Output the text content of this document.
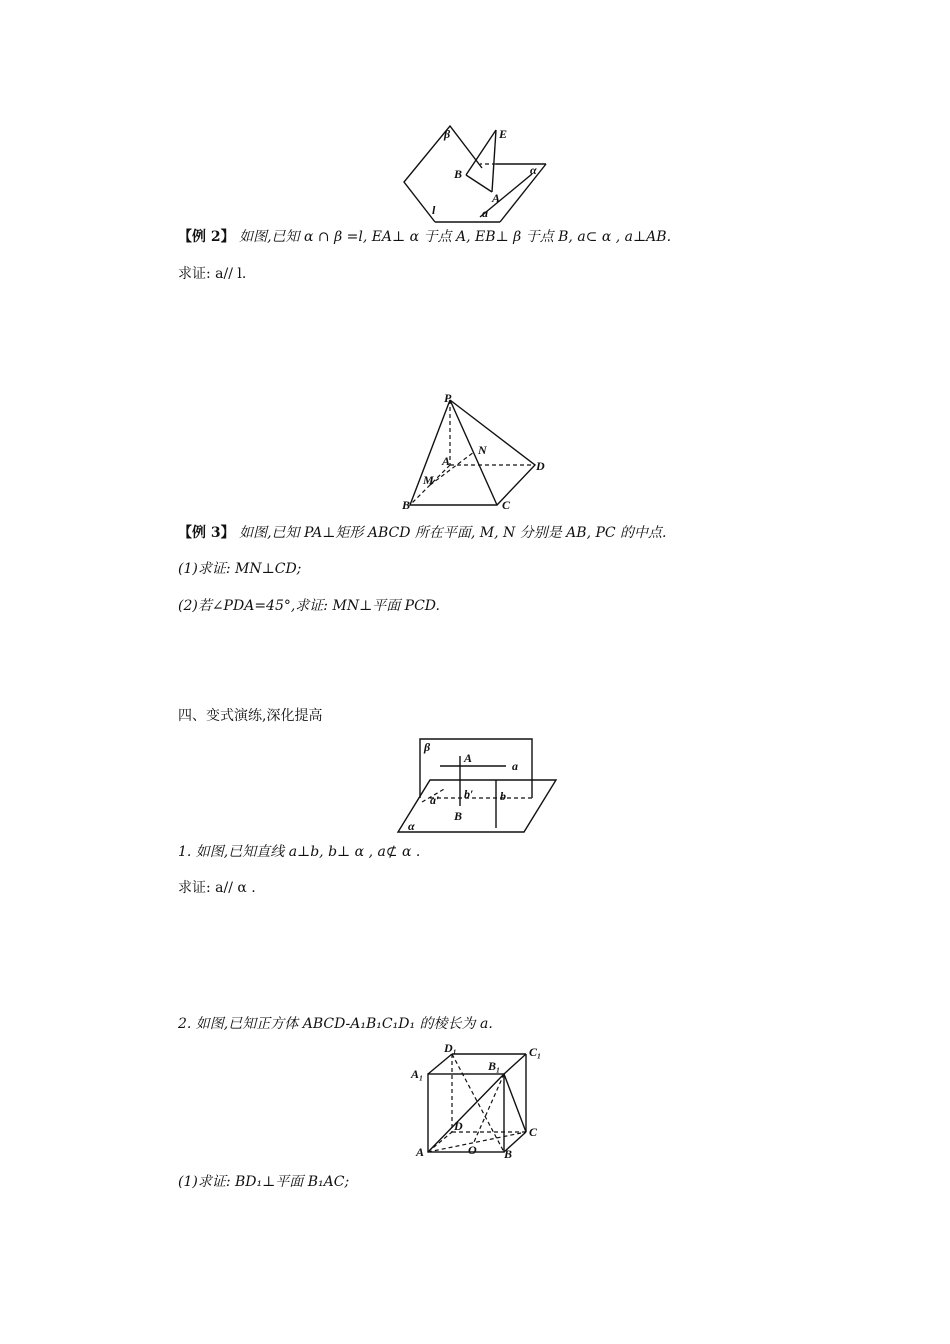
β	E
B	α
A
l	a
【例 2】 如图,已知 α ∩ β =l, EA⊥ α 于点 A, EB⊥ β 于点 B, a⊂ α , a⊥AB.
求证: a// l.
P
N
A	D
M
B	C
【例 3】 如图,已知 PA⊥矩形 ABCD 所在平面, M, N 分别是 AB, PC 的中点.
(1)求证: MN⊥CD;
(2)若∠PDA=45°,求证: MN⊥平面 PCD.
四、变式演练,深化提高
β
A
a
a′ b′ b
B
α
1. 如图,已知直线 a⊥b, b⊥ α , a⊄ α .
求证: a// α .
2. 如图,已知正方体 ABCD-A₁B₁C₁D₁ 的棱长为 a.
D₁	C₁
A₁
B₁
D	C
A	O B
(1)求证: BD₁⊥平面 B₁AC;
